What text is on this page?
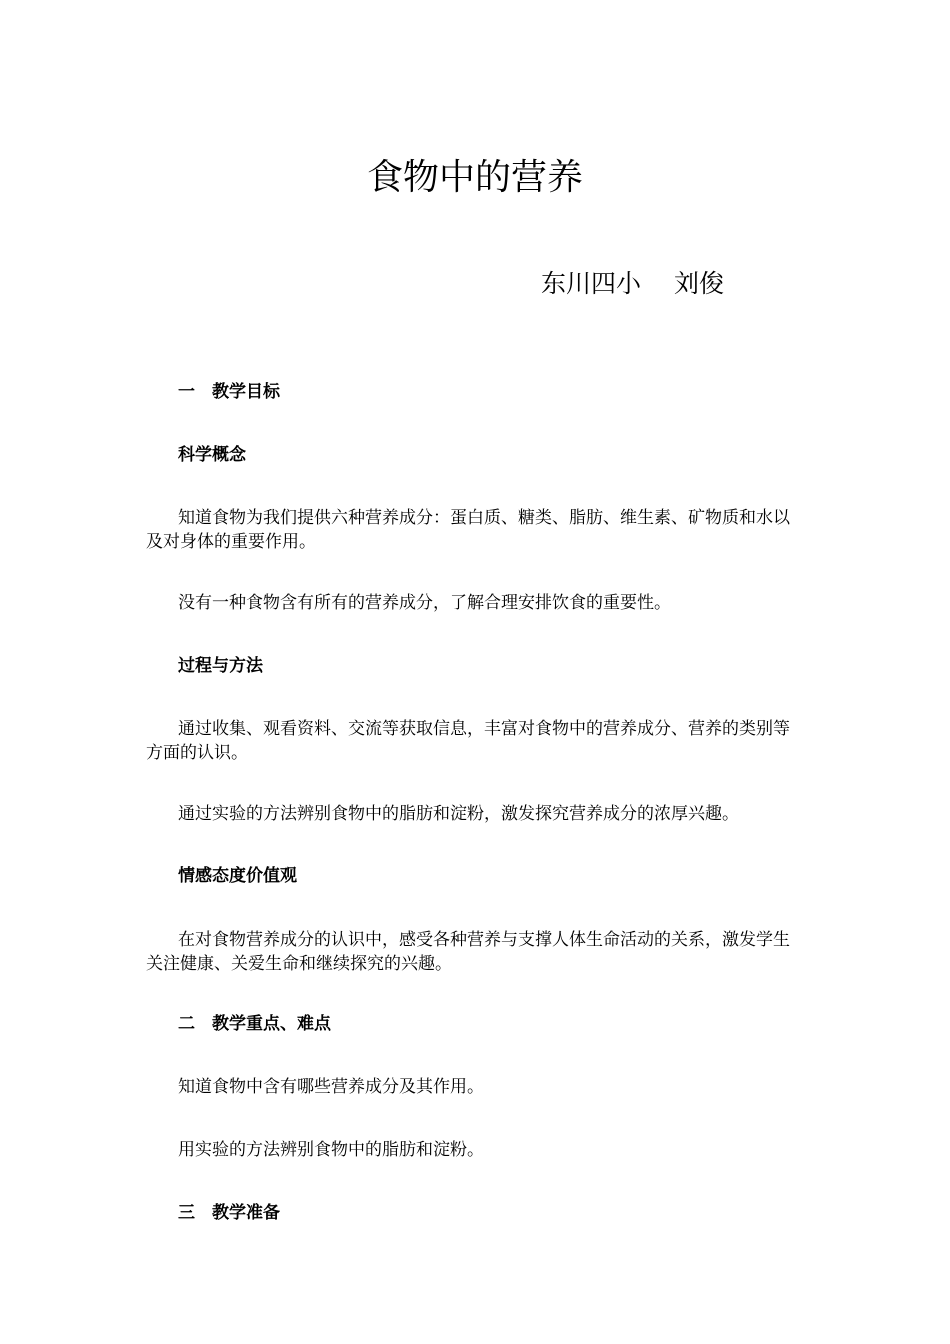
食物中的营养
东川四小　 刘俊
一　教学目标
科学概念
知道食物为我们提供六种营养成分：蛋白质、糖类、脂肪、维生素、矿物质和水以及对身体的重要作用。
没有一种食物含有所有的营养成分，了解合理安排饮食的重要性。
过程与方法
通过收集、观看资料、交流等获取信息，丰富对食物中的营养成分、营养的类别等方面的认识。
通过实验的方法辨别食物中的脂肪和淀粉，激发探究营养成分的浓厚兴趣。
情感态度价值观
在对食物营养成分的认识中，感受各种营养与支撑人体生命活动的关系，激发学生关注健康、关爱生命和继续探究的兴趣。
二　教学重点、难点
知道食物中含有哪些营养成分及其作用。
用实验的方法辨别食物中的脂肪和淀粉。
三　教学准备
